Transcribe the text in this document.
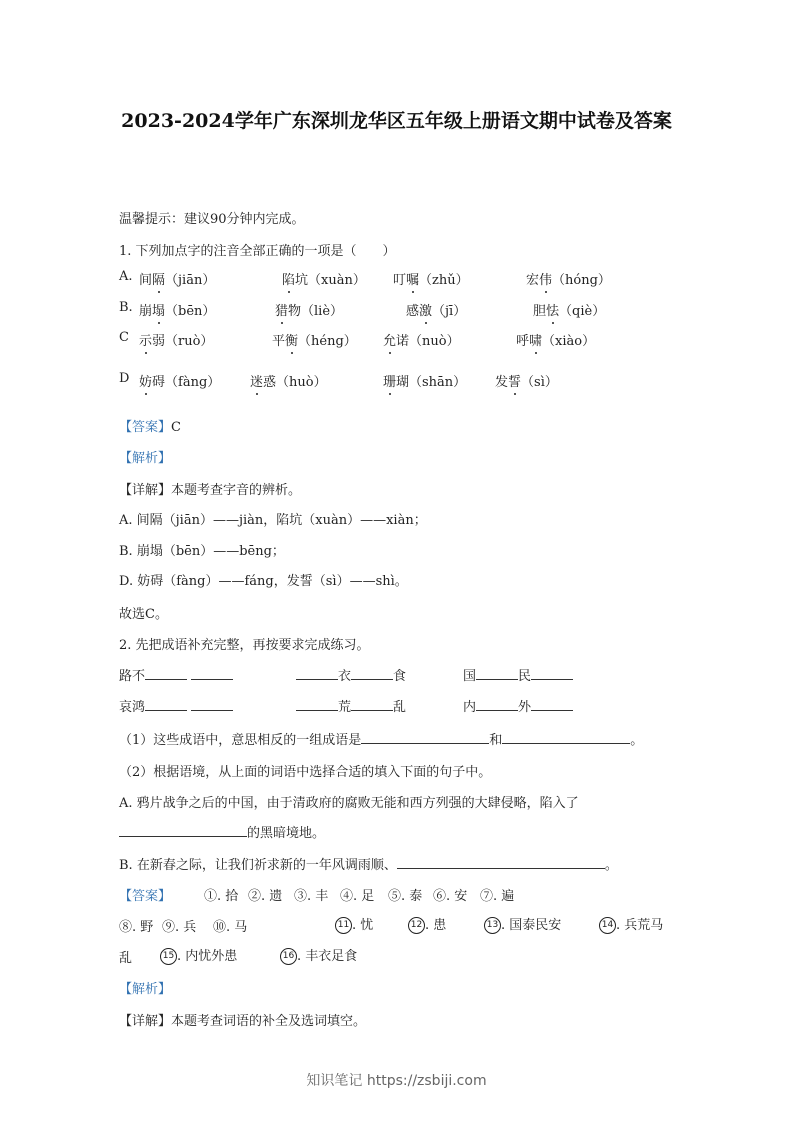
2023-2024学年广东深圳龙华区五年级上册语文期中试卷及答案
温馨提示：建议90分钟内完成。
1. 下列加点字的注音全部正确的一项是（　　）
A. 间隔（jiān）	陷坑（xuàn） 叮嘱（zhǔ）	宏伟（hóng）
B. 崩塌（bēn）	猎物（liè）	感激（jī）	胆怯（qiè）
C 示弱（ruò）	平衡（héng） 允诺（nuò）	呼啸（xiào）
D 妨碍（fàng） 迷惑（huò）	珊瑚（shān） 发誓（sì）
【答案】C
【解析】
【详解】本题考查字音的辨析。
A. 间隔（jiān）——jiàn，陷坑（xuàn）——xiàn；
B. 崩塌（bēn）——bēng；
D. 妨碍（fàng）——fáng，发誓（sì）——shì。
故选C。
2. 先把成语补充完整，再按要求完成练习。
路不	衣	食	国	民
哀鸿	荒	乱	内	外
（1）这些成语中，意思相反的一组成语是	和	。
（2）根据语境，从上面的词语中选择合适的填入下面的句子中。
A. 鸦片战争之后的中国，由于清政府的腐败无能和西方列强的大肆侵略，陷入了
的黑暗境地。
B. 在新春之际，让我们祈求新的一年风调雨顺、	。
【答案】	①. 拾 ②. 遗 ③. 丰 ④. 足 ⑤. 泰 ⑥. 安 ⑦. 遍
⑧. 野 ⑨. 兵 ⑩. 马	11 . 忧	12 . 患	13 . 国泰民安	14 . 兵荒马
乱	15 . 内忧外患	16 . 丰衣足食
【解析】
【详解】本题考查词语的补全及选词填空。
知识笔记 https://zsbiji.com
